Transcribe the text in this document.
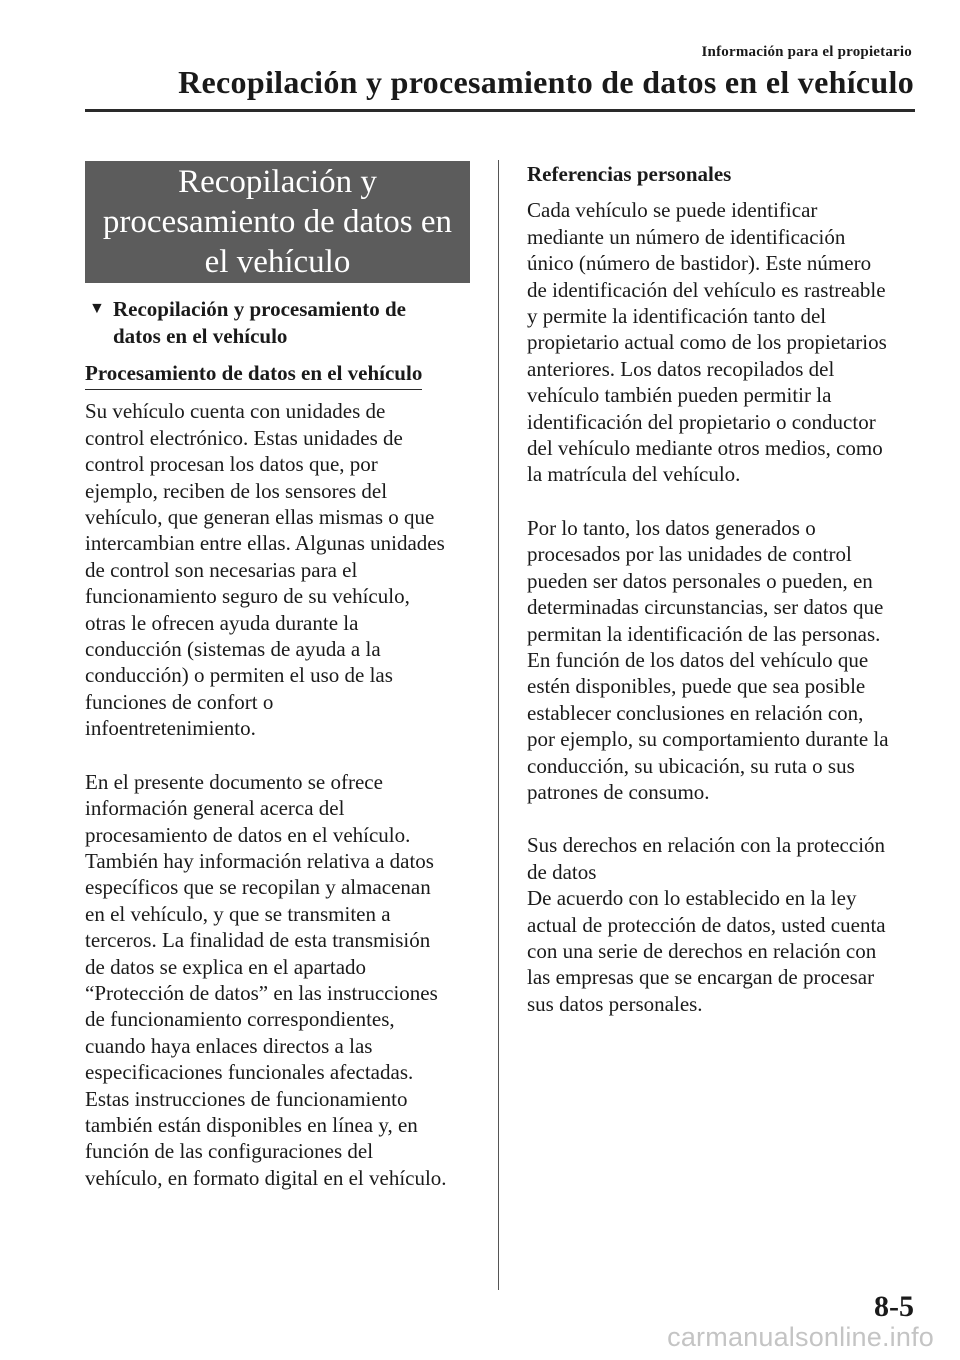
Información para el propietario
Recopilación y procesamiento de datos en el vehículo
Recopilación y
procesamiento de datos en
el vehículo
▼ Recopilación y procesamiento de
datos en el vehículo
Procesamiento de datos en el vehículo

Su vehículo cuenta con unidades de
control electrónico. Estas unidades de
control procesan los datos que, por
ejemplo, reciben de los sensores del
vehículo, que generan ellas mismas o que
intercambian entre ellas. Algunas unidades
de control son necesarias para el
funcionamiento seguro de su vehículo,
otras le ofrecen ayuda durante la
conducción (sistemas de ayuda a la
conducción) o permiten el uso de las
funciones de confort o
infoentretenimiento.

En el presente documento se ofrece
información general acerca del
procesamiento de datos en el vehículo.
También hay información relativa a datos
específicos que se recopilan y almacenan
en el vehículo, y que se transmiten a
terceros. La finalidad de esta transmisión
de datos se explica en el apartado
“Protección de datos” en las instrucciones
de funcionamiento correspondientes,
cuando haya enlaces directos a las
especificaciones funcionales afectadas.
Estas instrucciones de funcionamiento
también están disponibles en línea y, en
función de las configuraciones del
vehículo, en formato digital en el vehículo.

Referencias personales

Cada vehículo se puede identificar
mediante un número de identificación
único (número de bastidor). Este número
de identificación del vehículo es rastreable
y permite la identificación tanto del
propietario actual como de los propietarios
anteriores. Los datos recopilados del
vehículo también pueden permitir la
identificación del propietario o conductor
del vehículo mediante otros medios, como
la matrícula del vehículo.

Por lo tanto, los datos generados o
procesados por las unidades de control
pueden ser datos personales o pueden, en
determinadas circunstancias, ser datos que
permitan la identificación de las personas.
En función de los datos del vehículo que
estén disponibles, puede que sea posible
establecer conclusiones en relación con,
por ejemplo, su comportamiento durante la
conducción, su ubicación, su ruta o sus
patrones de consumo.

Sus derechos en relación con la protección
de datos
De acuerdo con lo establecido en la ley
actual de protección de datos, usted cuenta
con una serie de derechos en relación con
las empresas que se encargan de procesar
sus datos personales.

8-5
carmanualsonline.info
